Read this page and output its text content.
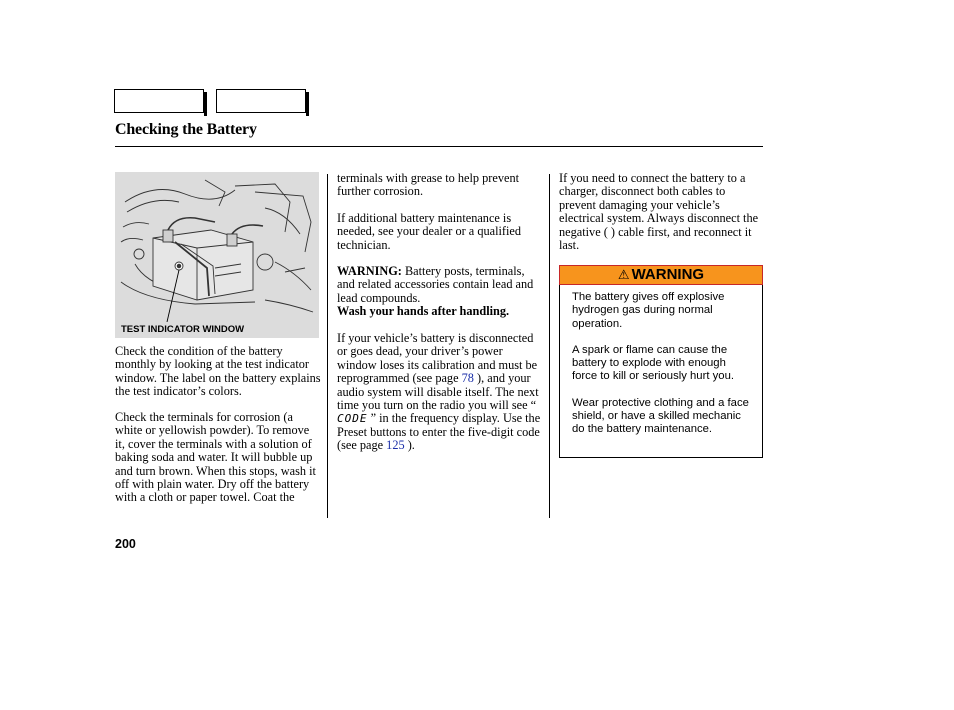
Checking the Battery
TEST INDICATOR WINDOW

Check the condition of the battery monthly by looking at the test indicator window. The label on the battery explains the test indicator’s colors.

Check the terminals for corrosion (a white or yellowish powder). To remove it, cover the terminals with a solution of baking soda and water. It will bubble up and turn brown. When this stops, wash it off with plain water. Dry off the battery with a cloth or paper towel. Coat the

terminals with grease to help prevent further corrosion.

If additional battery maintenance is needed, see your dealer or a qualified technician.

WARNING: Battery posts, terminals, and related accessories contain lead and lead compounds.

Wash your hands after handling.

If your vehicle’s battery is disconnected or goes dead, your driver’s power window loses its calibration and must be reprogrammed (see page 78 ), and your audio system will disable itself. The next time you turn on the radio you will see “ CODE ” in the frequency display. Use the Preset buttons to enter the five-digit code (see page 125 ).

If you need to connect the battery to a charger, disconnect both cables to prevent damaging your vehicle’s electrical system. Always disconnect the negative ( ) cable first, and reconnect it last.

⚠ WARNING

The battery gives off explosive hydrogen gas during normal operation.

A spark or flame can cause the battery to explode with enough force to kill or seriously hurt you.

Wear protective clothing and a face shield, or have a skilled mechanic do the battery maintenance.

200
